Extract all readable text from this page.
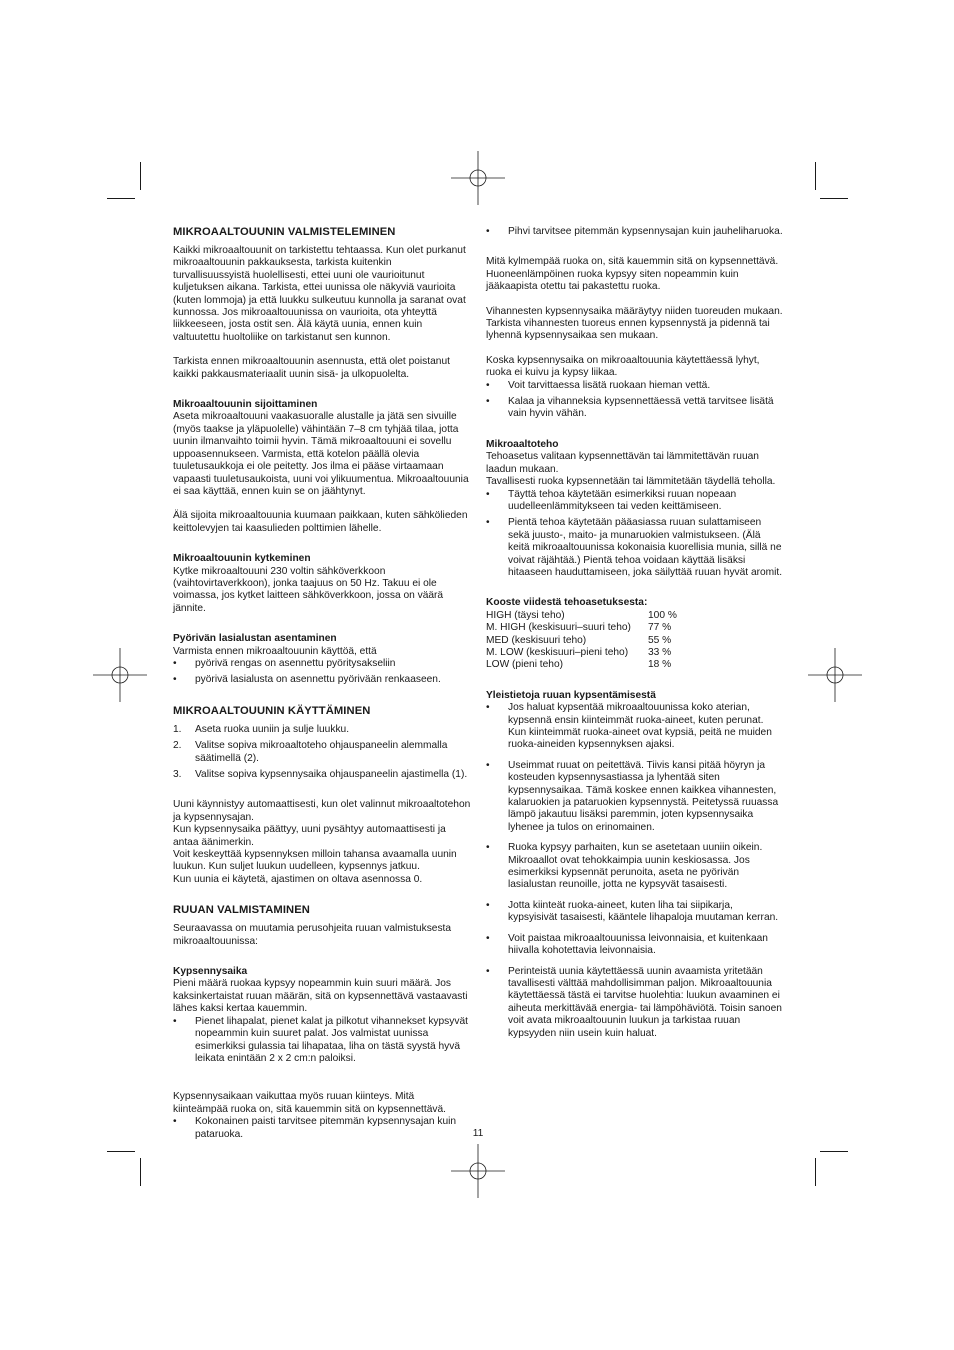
MIKROAALTOUUNIN VALMISTELEMINEN

Kaikki mikroaaltouunit on tarkistettu tehtaassa. Kun olet purkanut mikroaaltouunin pakkauksesta, tarkista kuitenkin turvallisuussyistä huolellisesti, ettei uuni ole vaurioitunut kuljetuksen aikana. Tarkista, ettei uunissa ole näkyviä vaurioita (kuten lommoja) ja että luukku sulkeutuu kunnolla ja saranat ovat kunnossa. Jos mikroaaltouunissa on vaurioita, ota yhteyttä liikkeeseen, josta ostit sen. Älä käytä uunia, ennen kuin valtuutettu huoltoliike on tarkistanut sen kunnon.

Tarkista ennen mikroaaltouunin asennusta, että olet poistanut kaikki pakkausmateriaalit uunin sisä- ja ulkopuolelta.

Mikroaaltouunin sijoittaminen

Aseta mikroaaltouuni vaakasuoralle alustalle ja jätä sen sivuille (myös taakse ja yläpuolelle) vähintään 7–8 cm tyhjää tilaa, jotta uunin ilmanvaihto toimii hyvin. Tämä mikroaaltouuni ei sovellu uppoasennukseen. Varmista, että kotelon päällä olevia tuuletusaukkoja ei ole peitetty. Jos ilma ei pääse virtaamaan vapaasti tuuletusaukoista, uuni voi ylikuumentua. Mikroaaltouunia ei saa käyttää, ennen kuin se on jäähtynyt.

Älä sijoita mikroaaltouunia kuumaan paikkaan, kuten sähkölieden keittolevyjen tai kaasulieden polttimien lähelle.

Mikroaaltouunin kytkeminen

Kytke mikroaaltouuni 230 voltin sähköverkkoon (vaihtovirtaverkkoon), jonka taajuus on 50 Hz. Takuu ei ole voimassa, jos kytket laitteen sähköverkkoon, jossa on väärä jännite.

Pyörivän lasialustan asentaminen

Varmista ennen mikroaaltouunin käyttöä, että

•	pyörivä rengas on asennettu pyöritysakseliin
•	pyörivä lasialusta on asennettu pyörivään renkaaseen.
MIKROAALTOUUNIN KÄYTTÄMINEN
1.	Aseta ruoka uuniin ja sulje luukku.
2.	Valitse sopiva mikroaaltoteho ohjauspaneelin alemmalla säätimellä (2).
3.	Valitse sopiva kypsennysaika ohjauspaneelin ajastimella (1).

Uuni käynnistyy automaattisesti, kun olet valinnut mikroaaltotehon ja kypsennysajan.

Kun kypsennysaika päättyy, uuni pysähtyy automaattisesti ja antaa äänimerkin.

Voit keskeyttää kypsennyksen milloin tahansa avaamalla uunin luukun. Kun suljet luukun uudelleen, kypsennys jatkuu.

Kun uunia ei käytetä, ajastimen on oltava asennossa 0.

RUUAN VALMISTAMINEN

Seuraavassa on muutamia perusohjeita ruuan valmistuksesta mikroaaltouunissa:

Kypsennysaika

Pieni määrä ruokaa kypsyy nopeammin kuin suuri määrä. Jos kaksinkertaistat ruuan määrän, sitä on kypsennettävä vastaavasti lähes kaksi kertaa kauemmin.

•	Pienet lihapalat, pienet kalat ja pilkotut vihannekset kypsyvät nopeammin kuin suuret palat. Jos valmistat uunissa esimerkiksi gulassia tai lihapataa, liha on tästä syystä hyvä leikata enintään 2 x 2 cm:n paloiksi.

Kypsennysaikaan vaikuttaa myös ruuan kiinteys. Mitä kiinteämpää ruoka on, sitä kauemmin sitä on kypsennettävä.

•	Kokonainen paisti tarvitsee pitemmän kypsennysajan kuin pataruoka.
•	Pihvi tarvitsee pitemmän kypsennysajan kuin jauheliharuoka.

Mitä kylmempää ruoka on, sitä kauemmin sitä on kypsennettävä. Huoneenlämpöinen ruoka kypsyy siten nopeammin kuin jääkaapista otettu tai pakastettu ruoka.

Vihannesten kypsennysaika määräytyy niiden tuoreuden mukaan. Tarkista vihannesten tuoreus ennen kypsennystä ja pidennä tai lyhennä kypsennysaikaa sen mukaan.

Koska kypsennysaika on mikroaaltouunia käytettäessä lyhyt, ruoka ei kuivu ja kypsy liikaa.

•	Voit tarvittaessa lisätä ruokaan hieman vettä.
•	Kalaa ja vihanneksia kypsennettäessä vettä tarvitsee lisätä vain hyvin vähän.
Mikroaaltoteho

Tehoasetus valitaan kypsennettävän tai lämmitettävän ruuan laadun mukaan.

Tavallisesti ruoka kypsennetään tai lämmitetään täydellä teholla.

•	Täyttä tehoa käytetään esimerkiksi ruuan nopeaan uudelleenlämmitykseen tai veden keittämiseen.
•	Pientä tehoa käytetään pääasiassa ruuan sulattamiseen sekä juusto-, maito- ja munaruokien valmistukseen. (Älä keitä mikroaaltouunissa kokonaisia kuorellisia munia, sillä ne voivat räjähtää.) Pientä tehoa voidaan käyttää lisäksi hitaaseen hauduttamiseen, joka säilyttää ruuan hyvät aromit.
Kooste viidestä tehoasetuksesta:
HIGH (täysi teho)	100 %
M. HIGH (keskisuuri–suuri teho)	77 %
MED (keskisuuri teho)	55 %
M. LOW (keskisuuri–pieni teho)	33 %
LOW (pieni teho)	18 %
Yleistietoja ruuan kypsentämisestä
•	Jos haluat kypsentää mikroaaltouunissa koko aterian, kypsennä ensin kiinteimmät ruoka-aineet, kuten perunat. Kun kiinteimmät ruoka-aineet ovat kypsiä, peitä ne muiden ruoka-aineiden kypsennyksen ajaksi.
•	Useimmat ruuat on peitettävä. Tiivis kansi pitää höyryn ja kosteuden kypsennysastiassa ja lyhentää siten kypsennysaikaa. Tämä koskee ennen kaikkea vihannesten, kalaruokien ja pataruokien kypsennystä. Peitetyssä ruuassa lämpö jakautuu lisäksi paremmin, joten kypsennysaika lyhenee ja tulos on erinomainen.
•	Ruoka kypsyy parhaiten, kun se asetetaan uuniin oikein. Mikroaallot ovat tehokkaimpia uunin keskiosassa. Jos esimerkiksi kypsennät perunoita, aseta ne pyörivän lasialustan reunoille, jotta ne kypsyvät tasaisesti.
•	Jotta kiinteät ruoka-aineet, kuten liha tai siipikarja, kypsyisivät tasaisesti, kääntele lihapaloja muutaman kerran.
•	Voit paistaa mikroaaltouunissa leivonnaisia, et kuitenkaan hiivalla kohotettavia leivonnaisia.
•	Perinteistä uunia käytettäessä uunin avaamista yritetään tavallisesti välttää mahdollisimman paljon. Mikroaaltouunia käytettäessä tästä ei tarvitse huolehtia: luukun avaaminen ei aiheuta merkittävää energia- tai lämpöhäviötä. Toisin sanoen voit avata mikroaaltouunin luukun ja tarkistaa ruuan kypsyyden niin usein kuin haluat.
11
